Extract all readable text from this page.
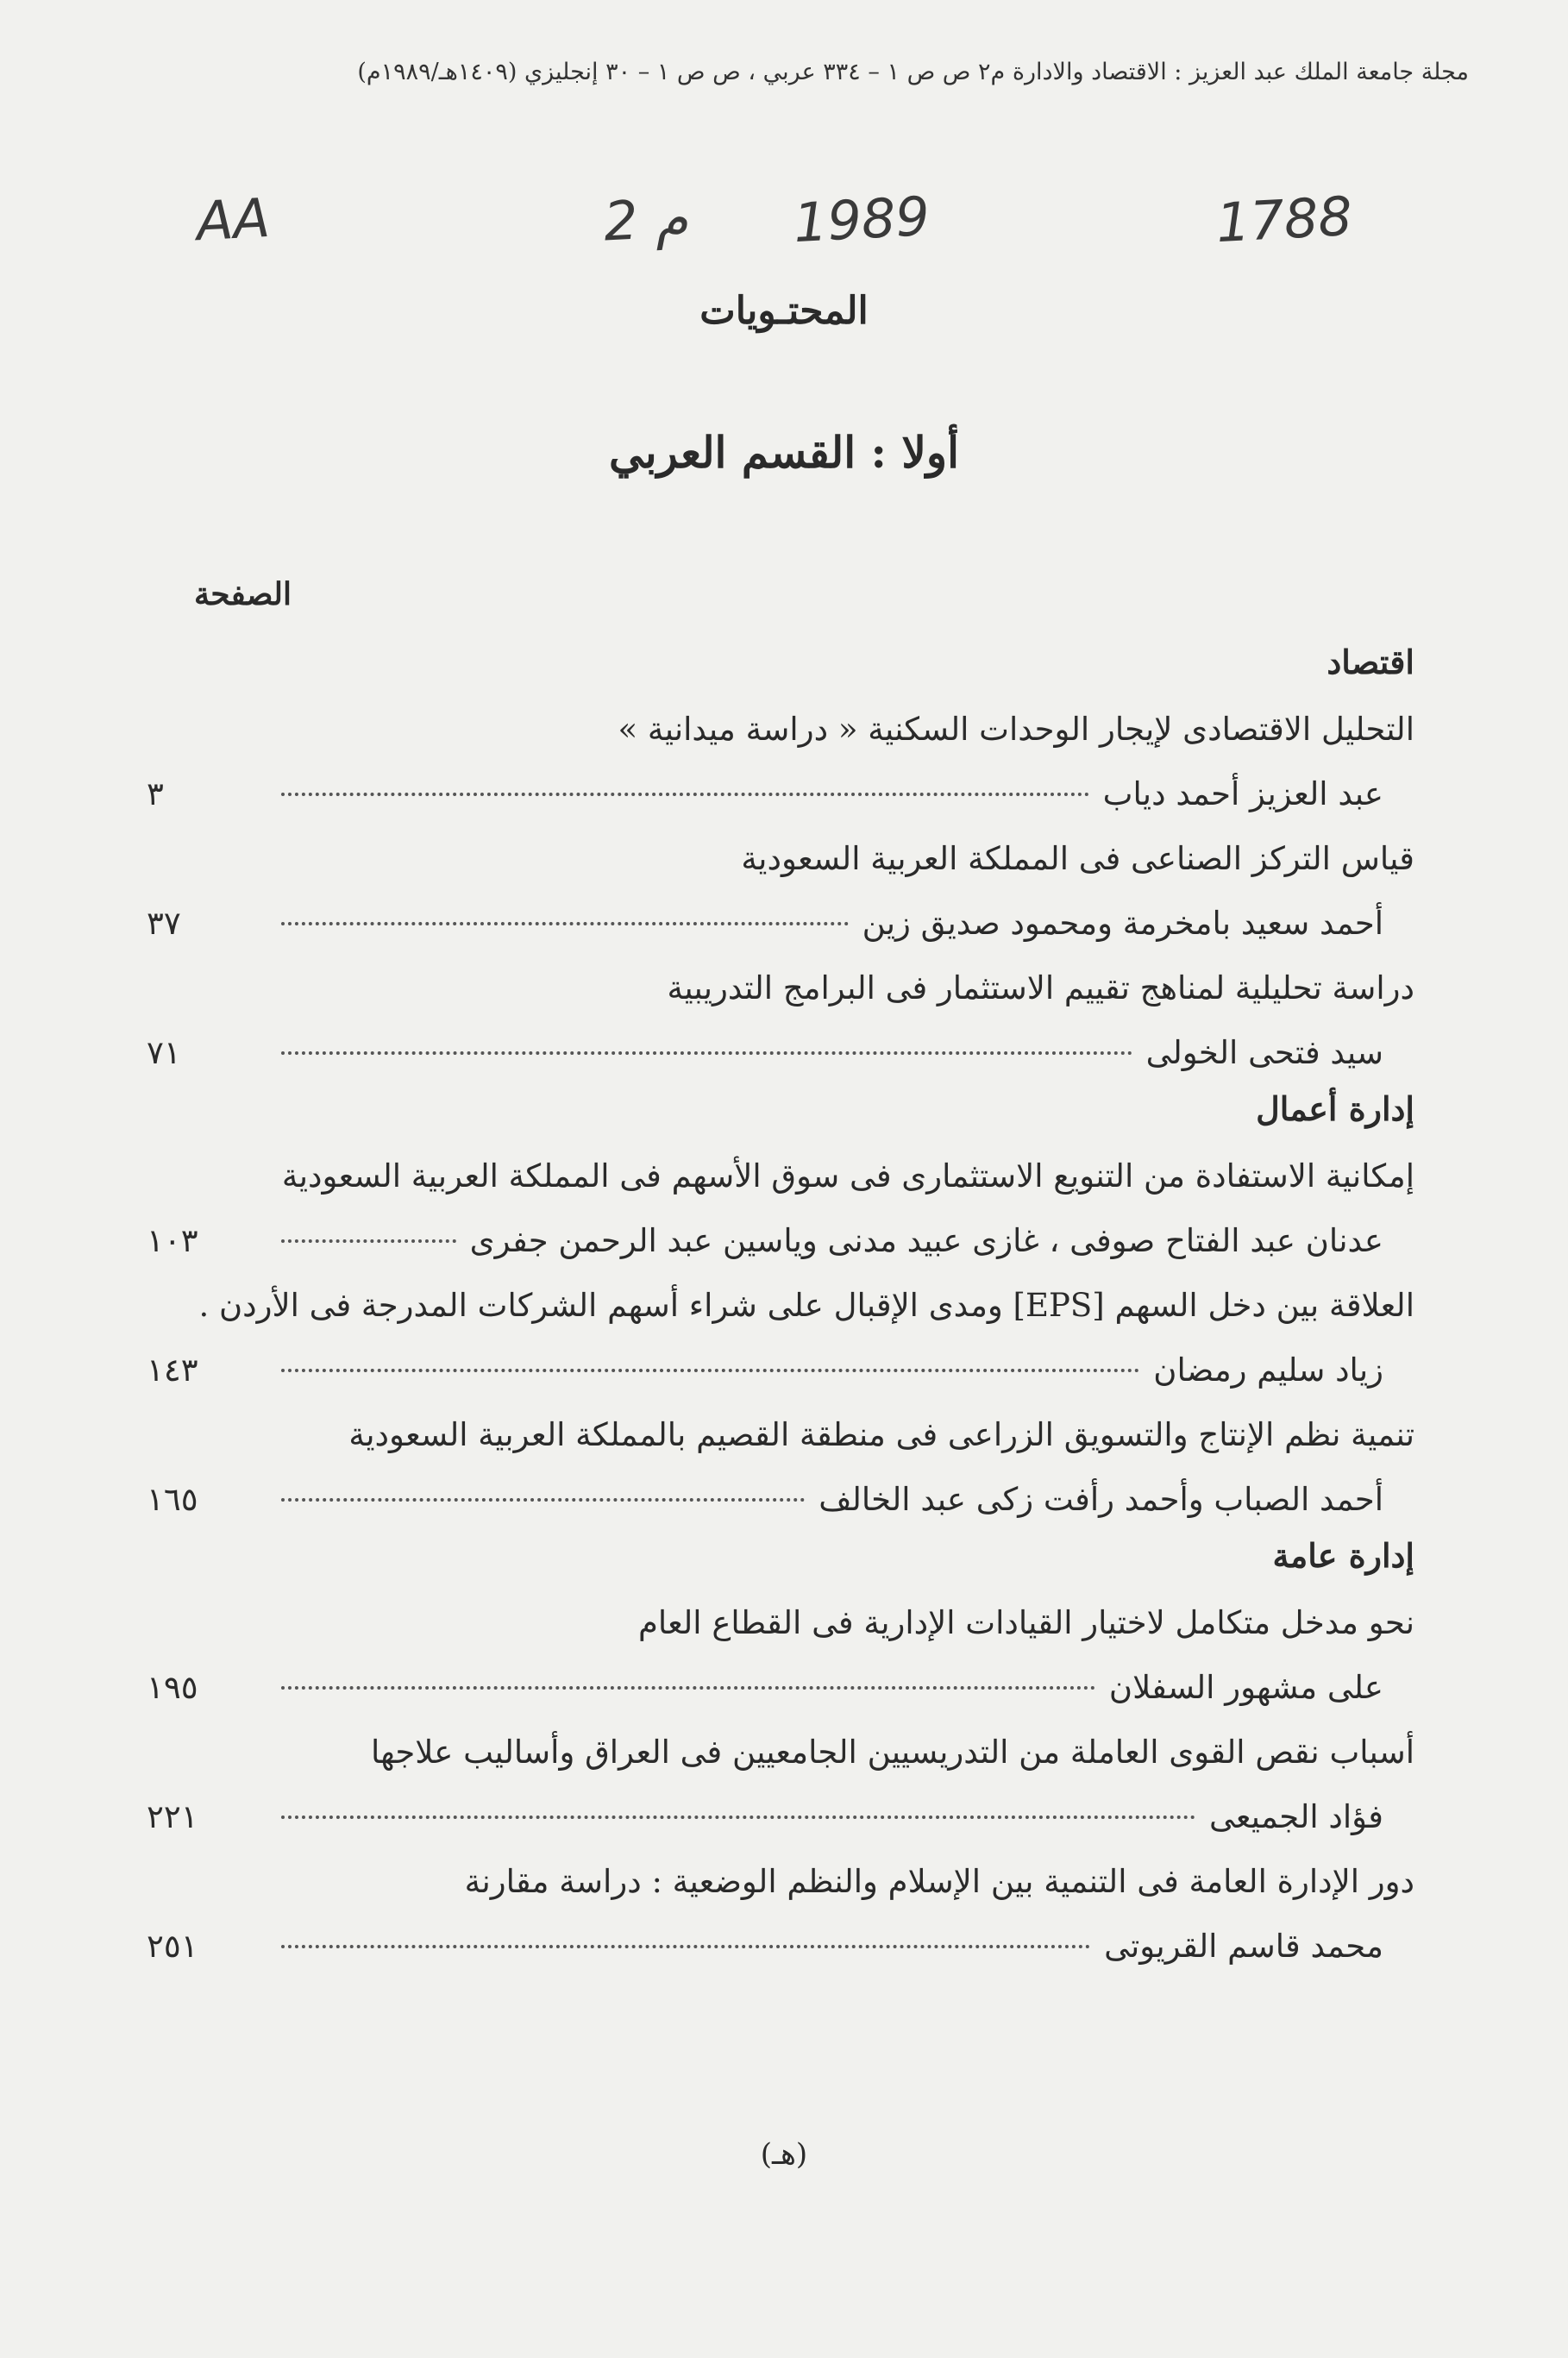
مجلة جامعة الملك عبد العزيز : الاقتصاد والادارة م٢ ص ص ١ – ٣٣٤ عربي ، ص ص ١ – ٣٠ إنجليزي (١٤٠٩هـ/١٩٨٩م)
AA	2 م 1989	1788
المحتـويات
أولا : القسم العربي
الصفحة
اقتصاد
التحليل الاقتصادى لإيجار الوحدات السكنية « دراسة ميدانية »
عبد العزيز أحمد دياب
٣
قياس التركز الصناعى فى المملكة العربية السعودية
أحمد سعيد بامخرمة ومحمود صديق زين
٣٧
دراسة تحليلية لمناهج تقييم الاستثمار فى البرامج التدريبية
سيد فتحى الخولى
٧١
إدارة أعمال
إمكانية الاستفادة من التنويع الاستثمارى فى سوق الأسهم فى المملكة العربية السعودية
عدنان عبد الفتاح صوفى ، غازى عبيد مدنى وياسين عبد الرحمن جفرى
١٠٣
العلاقة بين دخل السهم [EPS] ومدى الإقبال على شراء أسهم الشركات المدرجة فى الأردن .
زياد سليم رمضان
١٤٣
تنمية نظم الإنتاج والتسويق الزراعى فى منطقة القصيم بالمملكة العربية السعودية
أحمد الصباب وأحمد رأفت زكى عبد الخالف
١٦٥
إدارة عامة
نحو مدخل متكامل لاختيار القيادات الإدارية فى القطاع العام
على مشهور السفلان
١٩٥
أسباب نقص القوى العاملة من التدريسيين الجامعيين فى العراق وأساليب علاجها
فؤاد الجميعى
٢٢١
دور الإدارة العامة فى التنمية بين الإسلام والنظم الوضعية : دراسة مقارنة
محمد قاسم القريوتى
٢٥١
(هـ)
